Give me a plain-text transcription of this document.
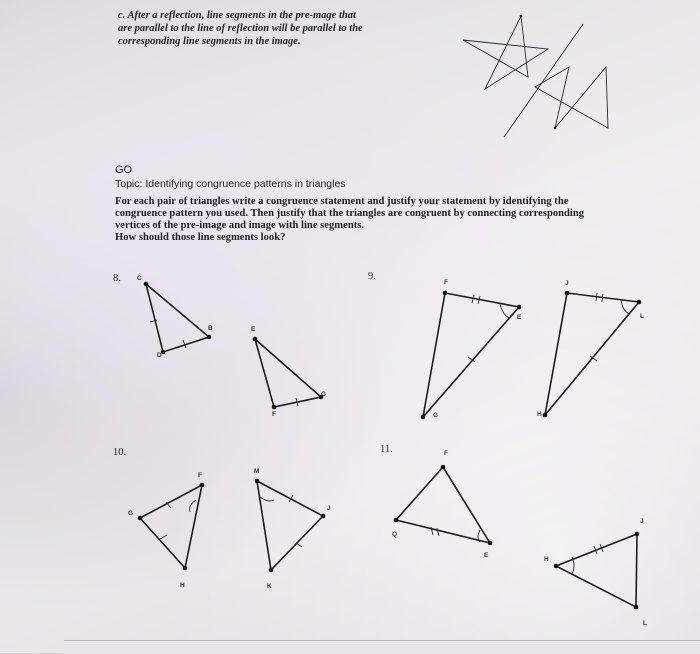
c. After a reflection, line segments in the pre-mage that
are parallel to the line of reflection will be parallel to the
corresponding line segments in the image.
GO
Topic: Identifying congruence patterns in triangles
For each pair of triangles write a congruence statement and justify your statement by identifying the
congruence pattern you used. Then justify that the triangles are congruent by connecting corresponding
vertices of the pre-image and image with line segments.
How should those line segments look?
8.	9.
10.	11.
C
B
D
E
G
F
F
E
G
J
L
H
F
G
H
M
J
K
F
Q
E
J
H
L
